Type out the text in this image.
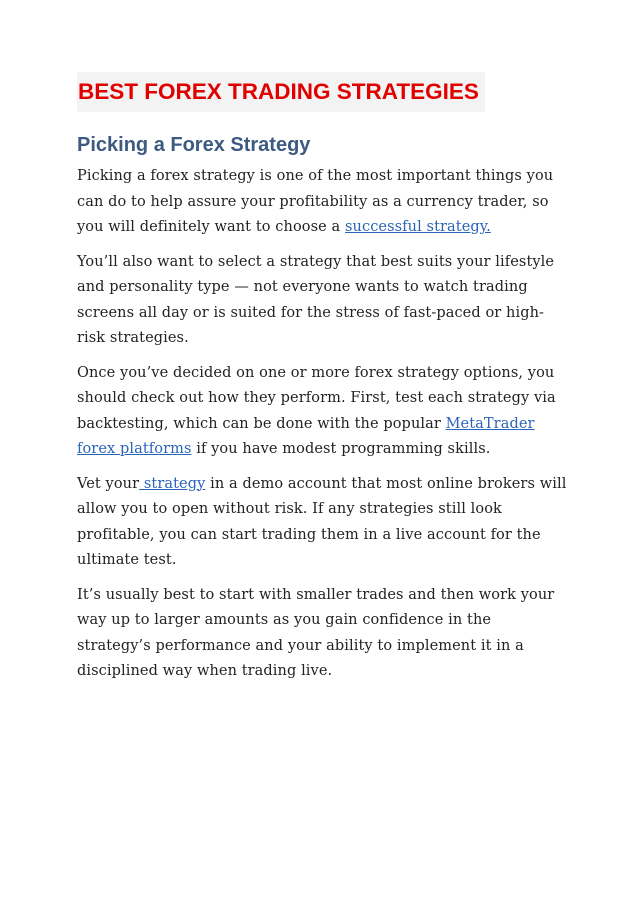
BEST FOREX TRADING STRATEGIES
Picking a Forex Strategy

Picking a forex strategy is one of the most important things you can do to help assure your profitability as a currency trader, so you will definitely want to choose a successful strategy.

You’ll also want to select a strategy that best suits your lifestyle and personality type — not everyone wants to watch trading screens all day or is suited for the stress of fast-paced or high-risk strategies.

Once you’ve decided on one or more forex strategy options, you should check out how they perform. First, test each strategy via backtesting, which can be done with the popular MetaTrader forex platforms if you have modest programming skills.

Vet your strategy in a demo account that most online brokers will allow you to open without risk. If any strategies still look profitable, you can start trading them in a live account for the ultimate test.

It’s usually best to start with smaller trades and then work your way up to larger amounts as you gain confidence in the strategy’s performance and your ability to implement it in a disciplined way when trading live.
